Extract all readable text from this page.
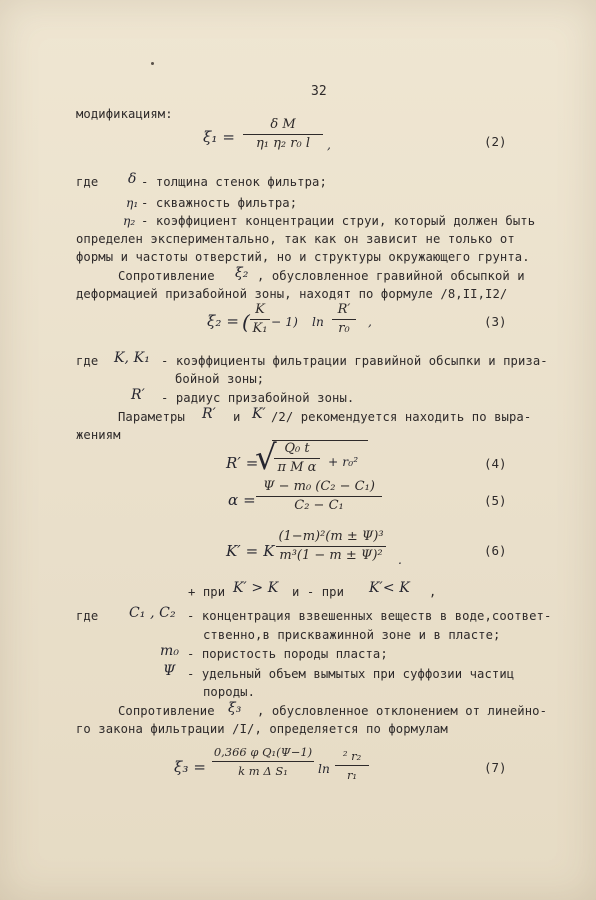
32
модификациям:
ξ₁ =
δ M
η₁ η₂ r₀ l	,	(2)
где δ - толщина стенок фильтра;
η₁ - скважность фильтра;
η₂ - коэффициент концентрации струи, который должен быть
определен экспериментально, так как он зависит не только от
формы и частоты отверстий, но и структуры окружающего грунта.
Сопротивление ξ₂ , обусловленное гравийной обсыпкой и
деформацией призабойной зоны, находят по формуле /8,II,I2/
ξ₂ = (
K
K₁ − 1) ln
R′
r₀	,	(3)
где K, K₁ - коэффициенты фильтрации гравийной обсыпки и приза-
бойной зоны;
R′ - радиус призабойной зоны.
Параметры R′ и K′ /2/ рекомендуется находить по выра-
жениям
R′ =
√ Q₀ t
π M α + r₀²	(4)
α =
Ψ − m₀ (C₂ − C₁)
C₂ − C₁	(5)
K′ = K
(1−m)²(m ± Ψ)³
m³(1 − m ± Ψ)² .
(6)
+ при K′ > K и - при K′< K ,
где C₁ , C₂ - концентрация взвешенных веществ в воде,соответ-
ственно,в прискважинной зоне и в пласте;
m₀ - пористость породы пласта;
Ψ - удельный объем вымытых при суффозии частиц
породы.
Сопротивление ξ₃ , обусловленное отклонением от линейно-
го закона фильтрации /I/, определяется по формулам
ξ₃ =
0,366 φ Q₁(Ψ−1)
k m Δ S₁	ln
² r₂
r₁	(7)
